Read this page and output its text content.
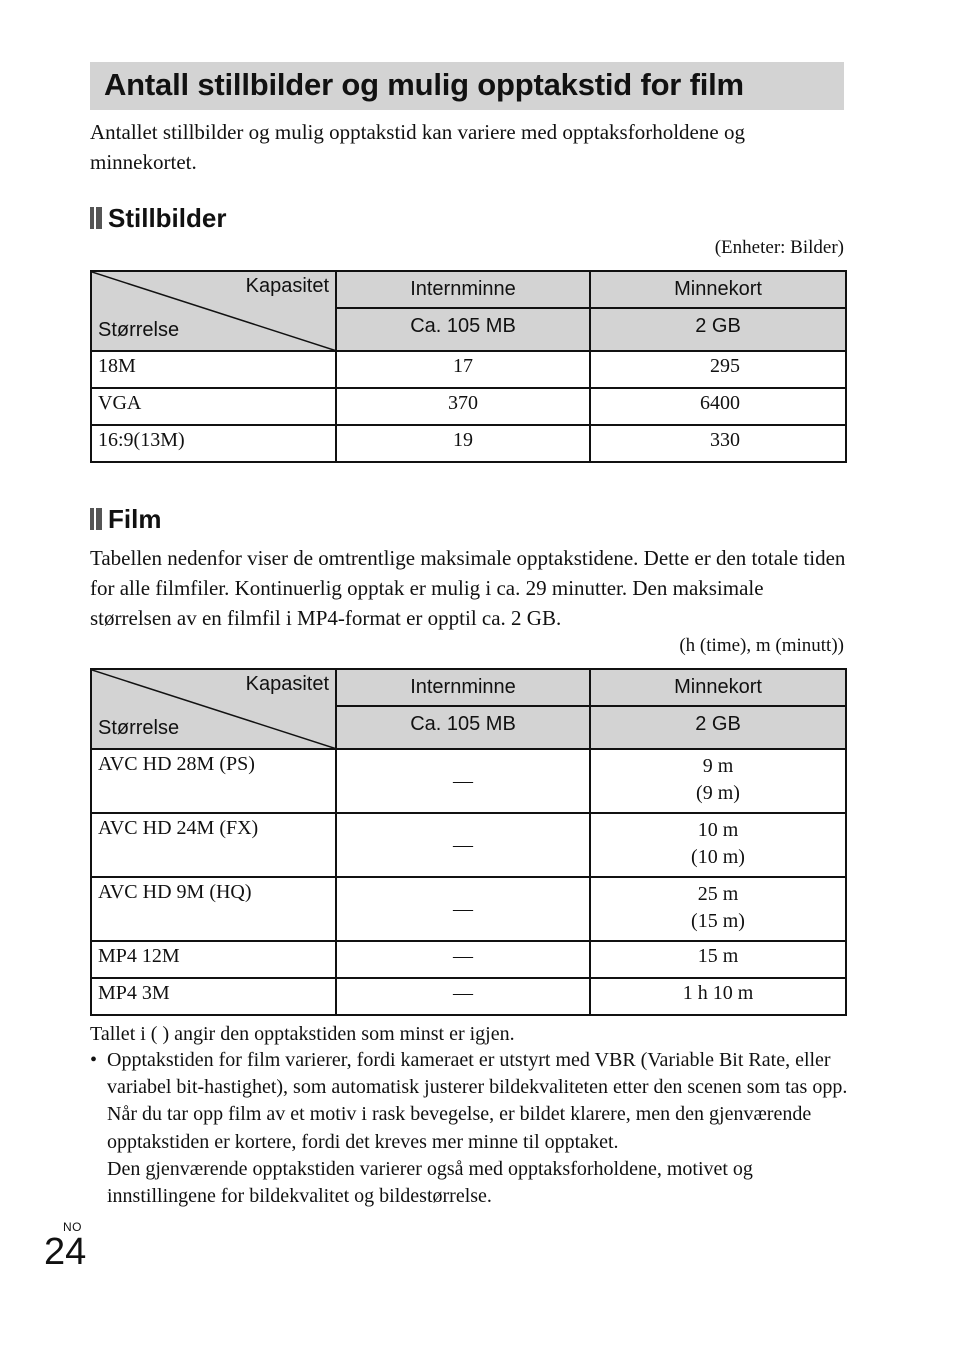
Antall stillbilder og mulig opptakstid for film

Antallet stillbilder og mulig opptakstid kan variere med opptaksforholdene og minnekortet.

Stillbilder
(Enheter: Bilder)
Kapasitet
Størrelse	Internminne	Minnekort
	Ca. 105 MB	2 GB
18M	17	295
VGA	370	6400
16:9(13M)	19	330
Film

Tabellen nedenfor viser de omtrentlige maksimale opptakstidene. Dette er den totale tiden for alle filmfiler. Kontinuerlig opptak er mulig i ca. 29 minutter. Den maksimale størrelsen av en filmfil i MP4-format er opptil ca. 2 GB.

(h (time), m (minutt))
Kapasitet
Størrelse	Internminne	Minnekort
	Ca. 105 MB	2 GB
AVC HD 28M (PS)	—	9 m
(9 m)

AVC HD 24M (FX)	—	10 m
(10 m)

AVC HD 9M (HQ)	—	25 m
(15 m)

MP4 12M	—	15 m
MP4 3M	—	1 h 10 m
Tallet i ( ) angir den opptakstiden som minst er igjen.
• Opptakstiden for film varierer, fordi kameraet er utstyrt med VBR (Variable Bit Rate, eller variabel bit-hastighet), som automatisk justerer bildekvaliteten etter den scenen som tas opp. Når du tar opp film av et motiv i rask bevegelse, er bildet klarere, men den gjenværende opptakstiden er kortere, fordi det kreves mer minne til opptaket.
Den gjenværende opptakstiden varierer også med opptaksforholdene, motivet og innstillingene for bildekvalitet og bildestørrelse.
NO
24
